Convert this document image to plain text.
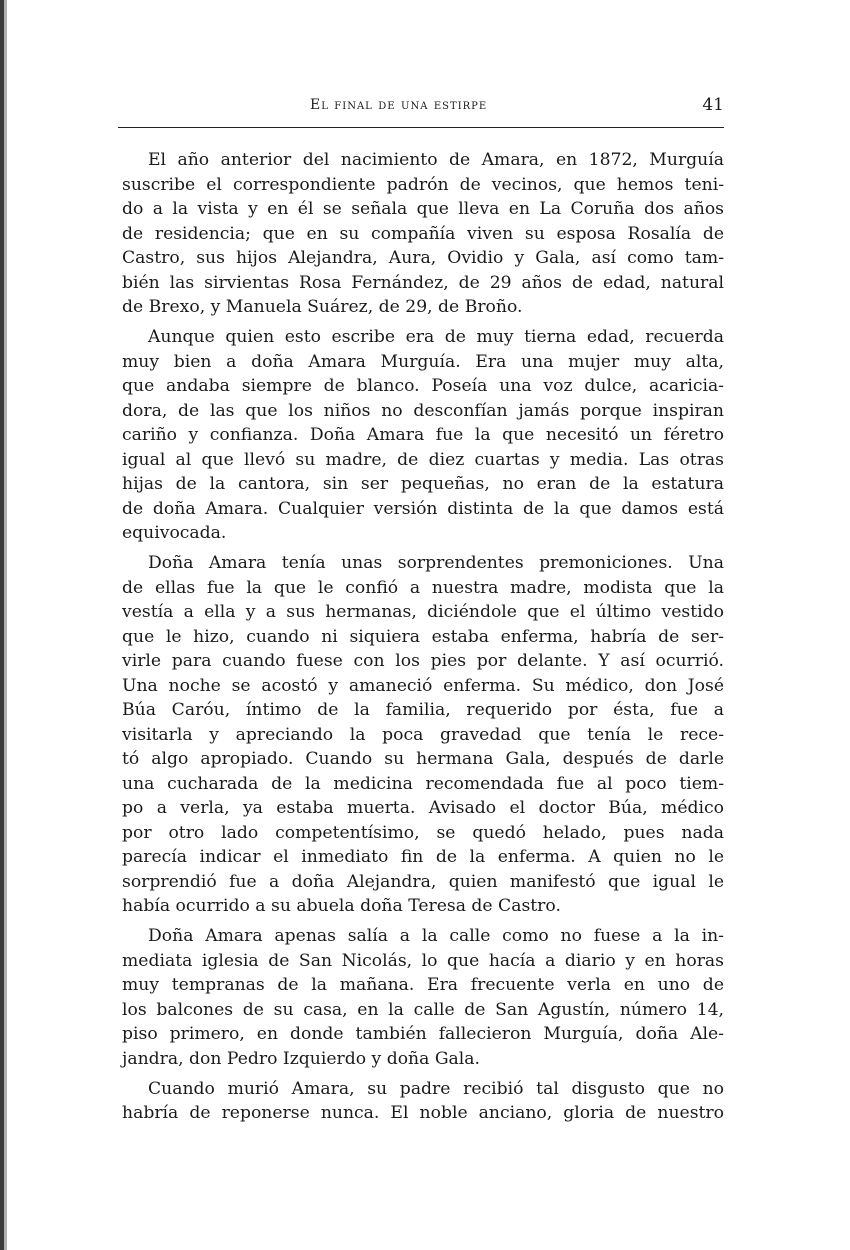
El final de una estirpe	41
El año anterior del nacimiento de Amara, en 1872, Murguía
suscribe el correspondiente padrón de vecinos, que hemos teni-
do a la vista y en él se señala que lleva en La Coruña dos años
de residencia; que en su compañía viven su esposa Rosalía de
Castro, sus hijos Alejandra, Aura, Ovidio y Gala, así como tam-
bién las sirvientas Rosa Fernández, de 29 años de edad, natural
de Brexo, y Manuela Suárez, de 29, de Broño.
Aunque quien esto escribe era de muy tierna edad, recuerda
muy bien a doña Amara Murguía. Era una mujer muy alta,
que andaba siempre de blanco. Poseía una voz dulce, acaricia-
dora, de las que los niños no desconfían jamás porque inspiran
cariño y confianza. Doña Amara fue la que necesitó un féretro
igual al que llevó su madre, de diez cuartas y media. Las otras
hijas de la cantora, sin ser pequeñas, no eran de la estatura
de doña Amara. Cualquier versión distinta de la que damos está
equivocada.
Doña Amara tenía unas sorprendentes premoniciones. Una
de ellas fue la que le confió a nuestra madre, modista que la
vestía a ella y a sus hermanas, diciéndole que el último vestido
que le hizo, cuando ni siquiera estaba enferma, habría de ser-
virle para cuando fuese con los pies por delante. Y así ocurrió.
Una noche se acostó y amaneció enferma. Su médico, don José
Búa Caróu, íntimo de la familia, requerido por ésta, fue a
visitarla y apreciando la poca gravedad que tenía le rece-
tó algo apropiado. Cuando su hermana Gala, después de darle
una cucharada de la medicina recomendada fue al poco tiem-
po a verla, ya estaba muerta. Avisado el doctor Búa, médico
por otro lado competentísimo, se quedó helado, pues nada
parecía indicar el inmediato fin de la enferma. A quien no le
sorprendió fue a doña Alejandra, quien manifestó que igual le
había ocurrido a su abuela doña Teresa de Castro.
Doña Amara apenas salía a la calle como no fuese a la in-
mediata iglesia de San Nicolás, lo que hacía a diario y en horas
muy tempranas de la mañana. Era frecuente verla en uno de
los balcones de su casa, en la calle de San Agustín, número 14,
piso primero, en donde también fallecieron Murguía, doña Ale-
jandra, don Pedro Izquierdo y doña Gala.
Cuando murió Amara, su padre recibió tal disgusto que no
habría de reponerse nunca. El noble anciano, gloria de nuestro
